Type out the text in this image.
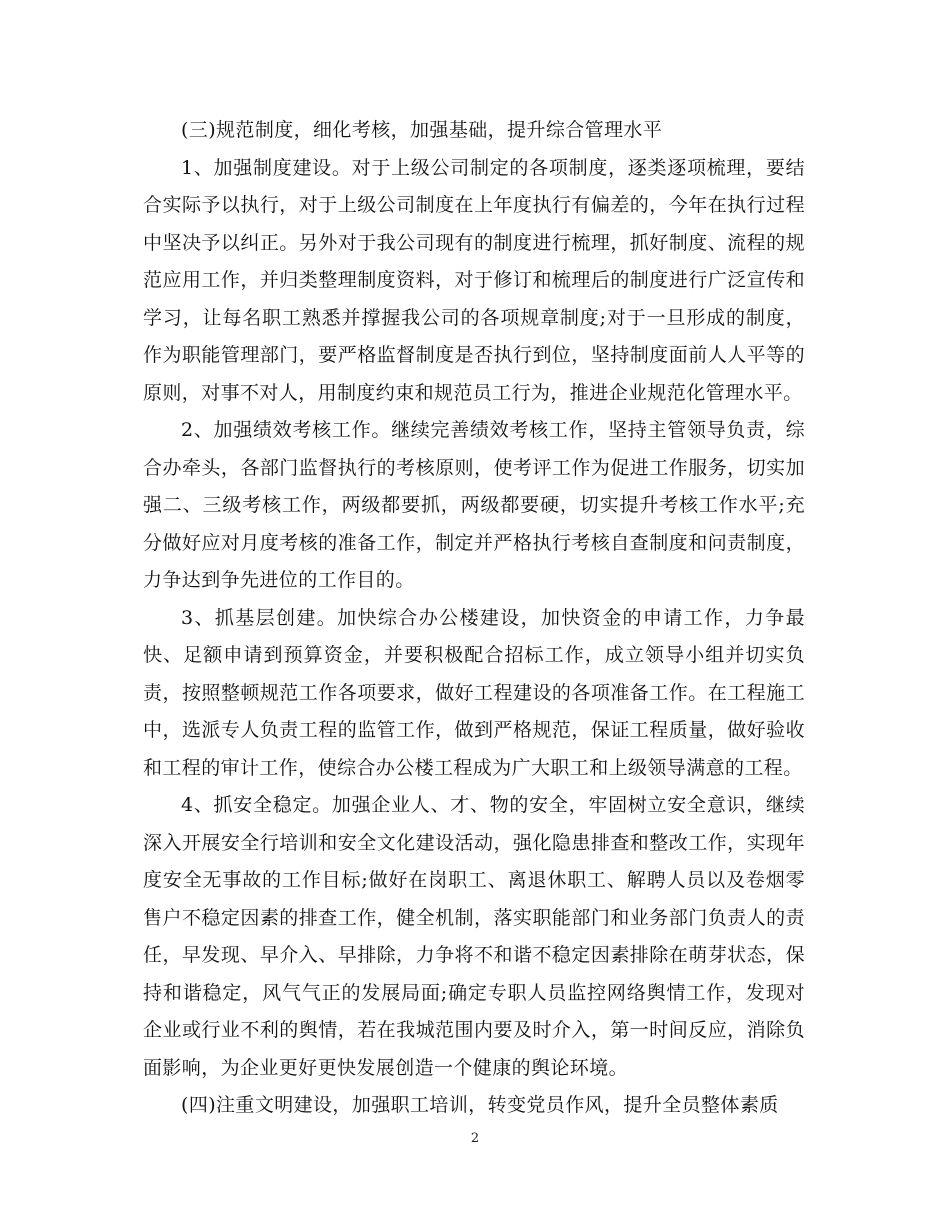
(三)规范制度，细化考核，加强基础，提升综合管理水平

1、加强制度建设。对于上级公司制定的各项制度，逐类逐项梳理，要结合实际予以执行，对于上级公司制度在上年度执行有偏差的，今年在执行过程中坚决予以纠正。另外对于我公司现有的制度进行梳理，抓好制度、流程的规范应用工作，并归类整理制度资料，对于修订和梳理后的制度进行广泛宣传和学习，让每名职工熟悉并撑握我公司的各项规章制度;对于一旦形成的制度，作为职能管理部门，要严格监督制度是否执行到位，坚持制度面前人人平等的原则，对事不对人，用制度约束和规范员工行为，推进企业规范化管理水平。

2、加强绩效考核工作。继续完善绩效考核工作，坚持主管领导负责，综合办牵头，各部门监督执行的考核原则，使考评工作为促进工作服务，切实加强二、三级考核工作，两级都要抓，两级都要硬，切实提升考核工作水平;充分做好应对月度考核的准备工作，制定并严格执行考核自查制度和问责制度，力争达到争先进位的工作目的。

3、抓基层创建。加快综合办公楼建设，加快资金的申请工作，力争最快、足额申请到预算资金，并要积极配合招标工作，成立领导小组并切实负责，按照整顿规范工作各项要求，做好工程建设的各项准备工作。在工程施工中，选派专人负责工程的监管工作，做到严格规范，保证工程质量，做好验收和工程的审计工作，使综合办公楼工程成为广大职工和上级领导满意的工程。

4、抓安全稳定。加强企业人、才、物的安全，牢固树立安全意识，继续深入开展安全行培训和安全文化建设活动，强化隐患排查和整改工作，实现年度安全无事故的工作目标;做好在岗职工、离退休职工、解聘人员以及卷烟零售户不稳定因素的排查工作，健全机制，落实职能部门和业务部门负责人的责任，早发现、早介入、早排除，力争将不和谐不稳定因素排除在萌芽状态，保持和谐稳定，风气气正的发展局面;确定专职人员监控网络舆情工作，发现对企业或行业不利的舆情，若在我城范围内要及时介入，第一时间反应，消除负面影响，为企业更好更快发展创造一个健康的舆论环境。

(四)注重文明建设，加强职工培训，转变党员作风，提升全员整体素质

2
